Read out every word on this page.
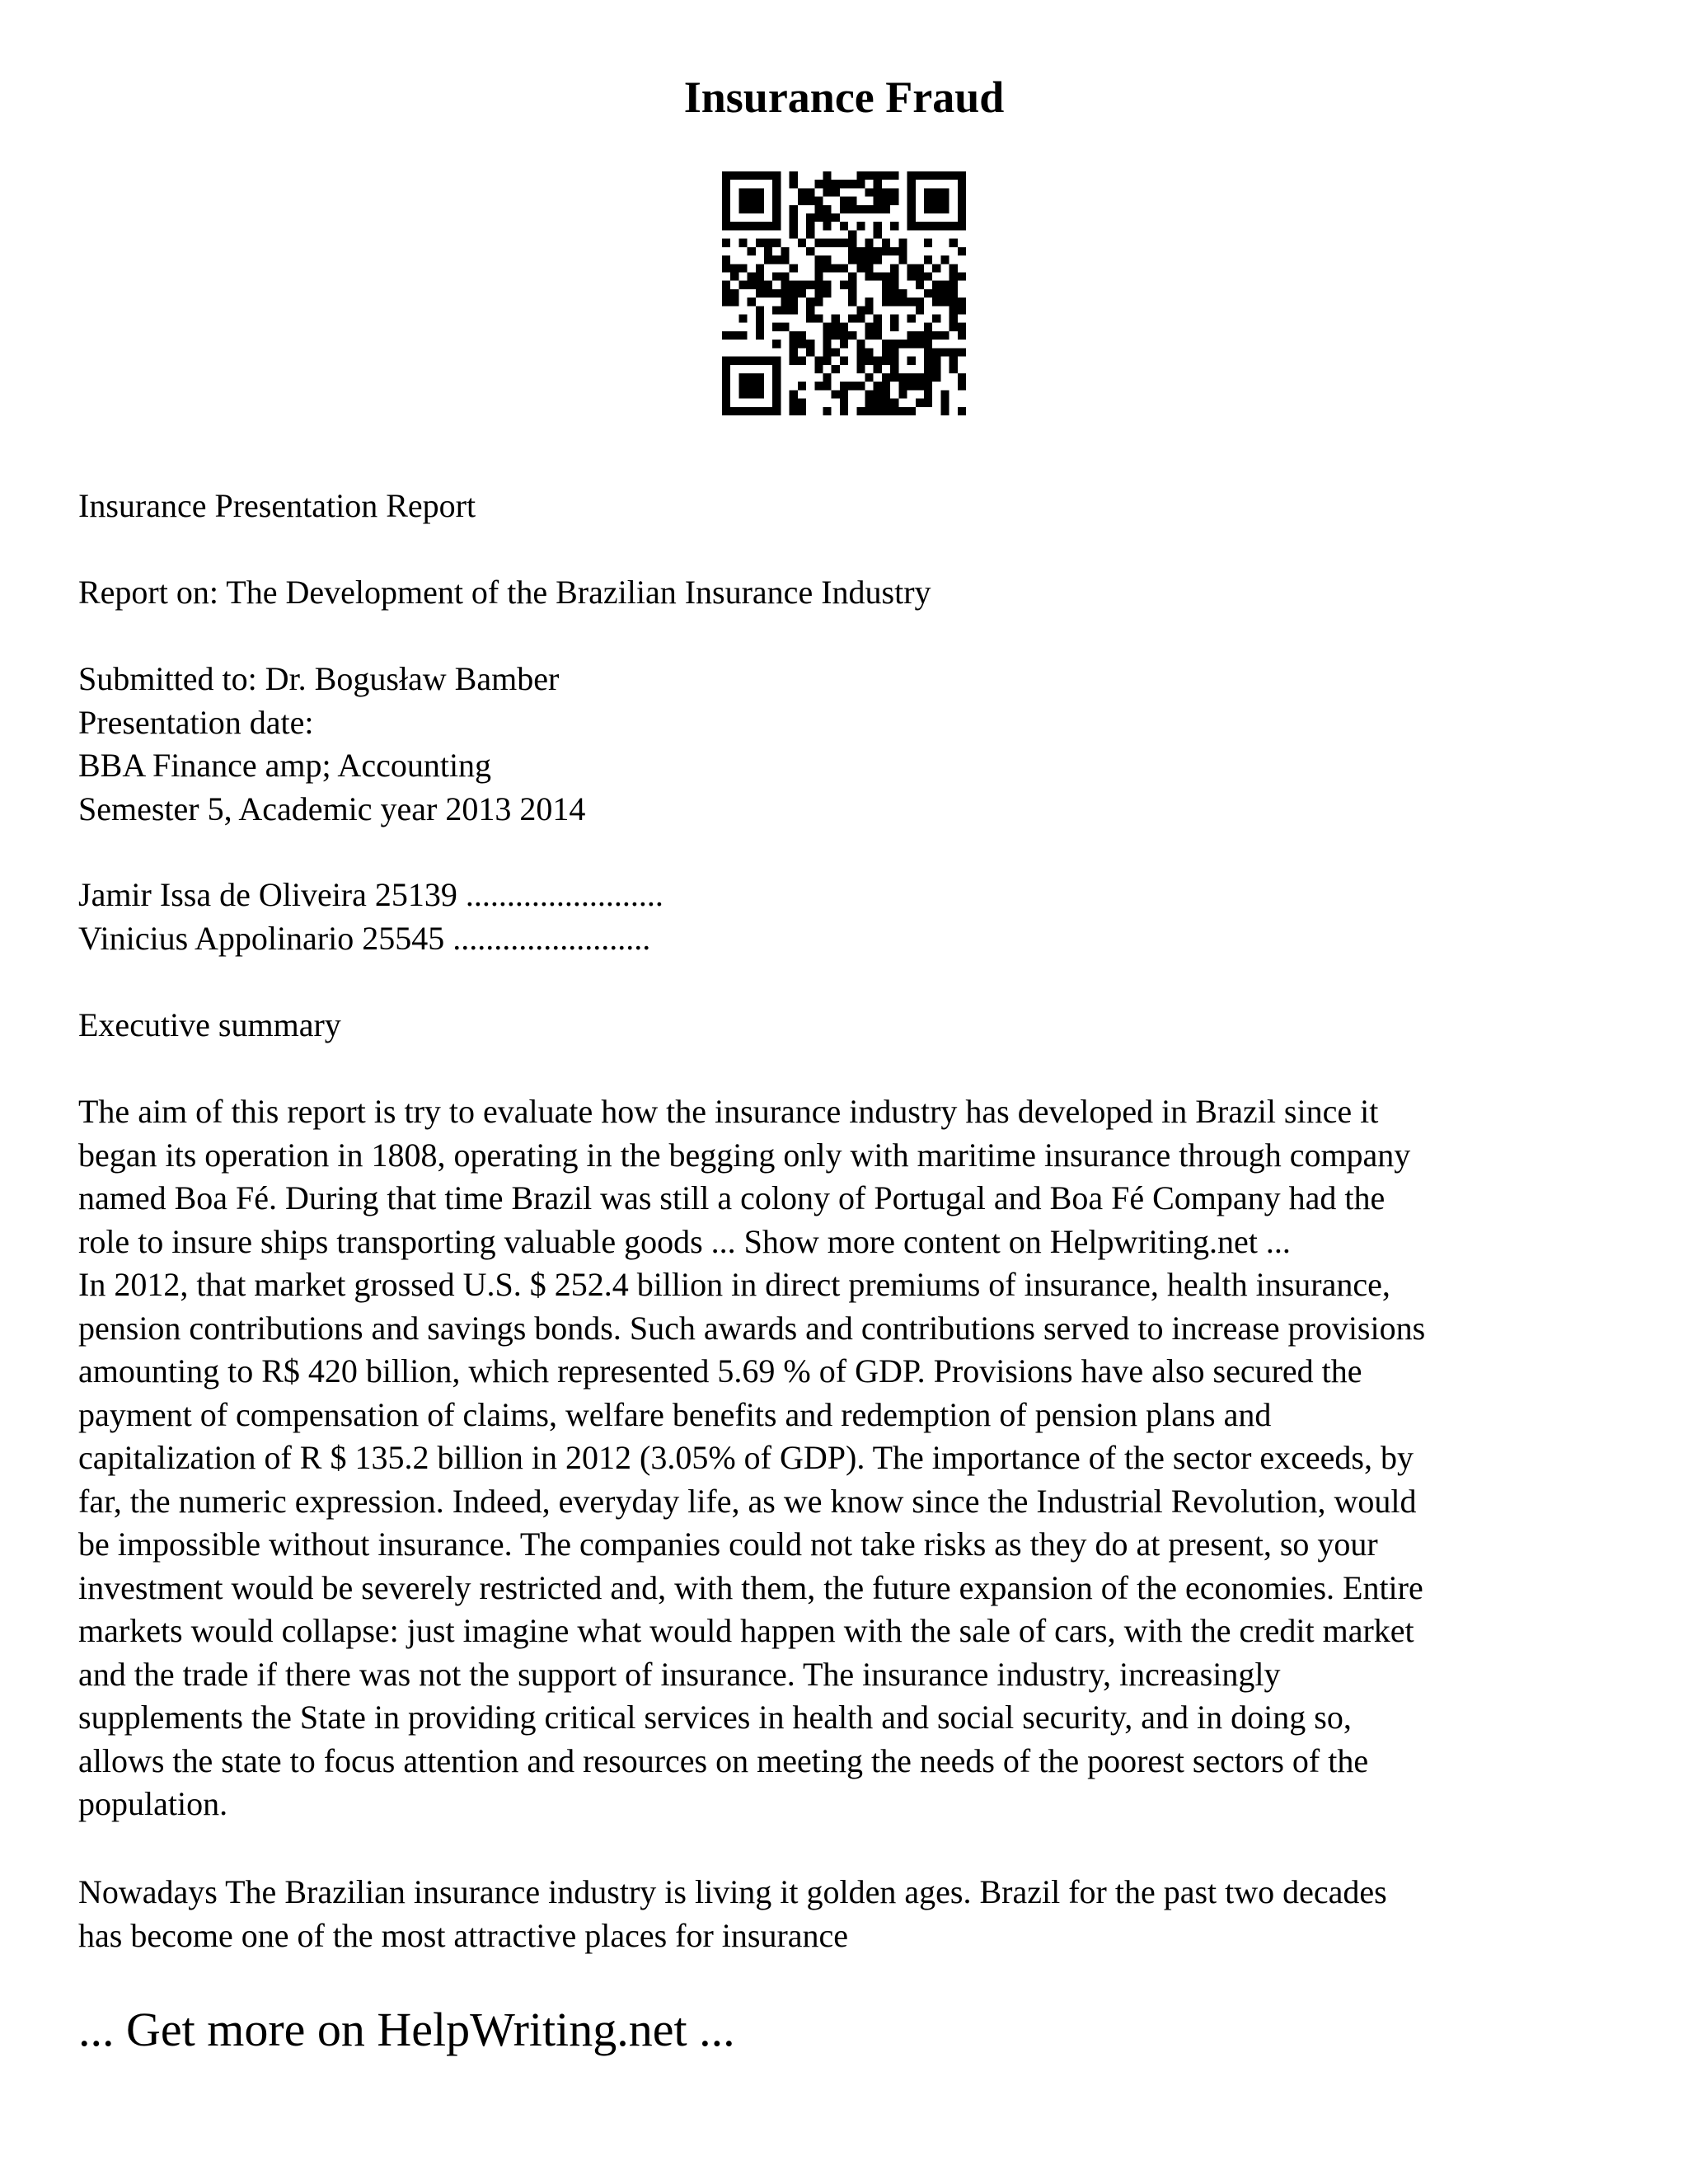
Insurance Fraud

Insurance Presentation Report

Report on: The Development of the Brazilian Insurance Industry

Submitted to: Dr. Bogusław Bamber
Presentation date:
BBA Finance amp; Accounting
Semester 5, Academic year 2013 2014
Jamir Issa de Oliveira 25139 ........................
Vinicius Appolinario 25545 ........................

Executive summary

The aim of this report is try to evaluate how the insurance industry has developed in Brazil since it
began its operation in 1808, operating in the begging only with maritime insurance through company
named Boa Fé. During that time Brazil was still a colony of Portugal and Boa Fé Company had the
role to insure ships transporting valuable goods ... Show more content on Helpwriting.net ...
In 2012, that market grossed U.S. $ 252.4 billion in direct premiums of insurance, health insurance,
pension contributions and savings bonds. Such awards and contributions served to increase provisions
amounting to R$ 420 billion, which represented 5.69 % of GDP. Provisions have also secured the
payment of compensation of claims, welfare benefits and redemption of pension plans and
capitalization of R $ 135.2 billion in 2012 (3.05% of GDP). The importance of the sector exceeds, by
far, the numeric expression. Indeed, everyday life, as we know since the Industrial Revolution, would
be impossible without insurance. The companies could not take risks as they do at present, so your
investment would be severely restricted and, with them, the future expansion of the economies. Entire
markets would collapse: just imagine what would happen with the sale of cars, with the credit market
and the trade if there was not the support of insurance. The insurance industry, increasingly
supplements the State in providing critical services in health and social security, and in doing so,
allows the state to focus attention and resources on meeting the needs of the poorest sectors of the
population.
Nowadays The Brazilian insurance industry is living it golden ages. Brazil for the past two decades
has become one of the most attractive places for insurance

... Get more on HelpWriting.net ...
